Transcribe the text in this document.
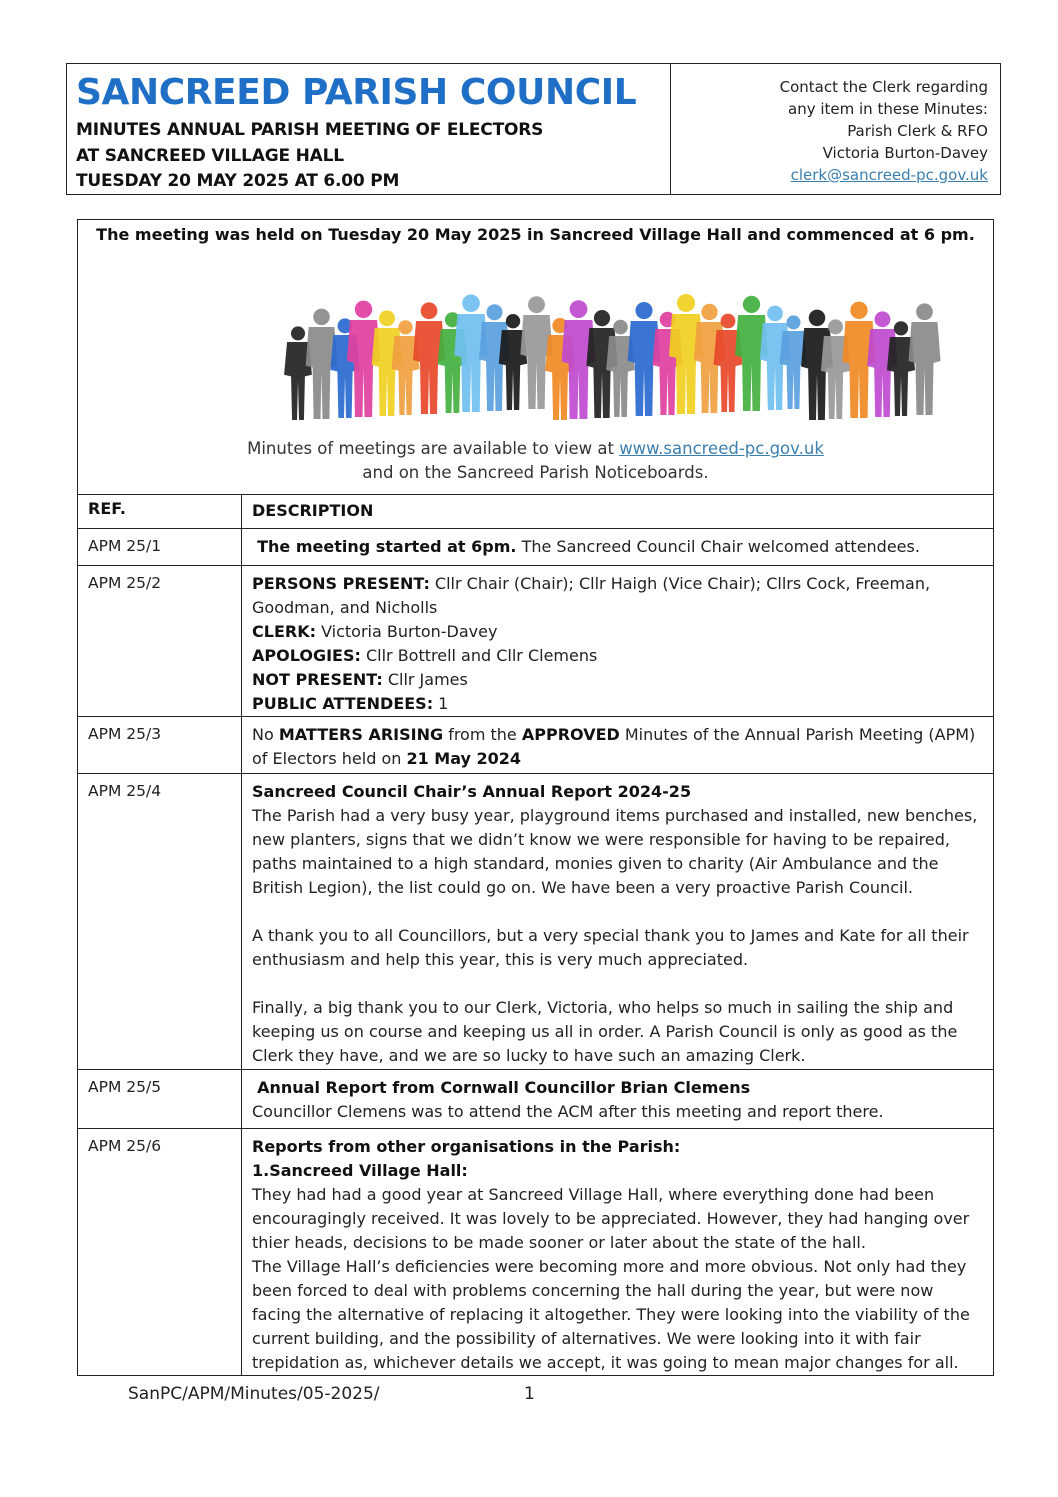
SANCREED PARISH COUNCIL
MINUTES ANNUAL PARISH MEETING OF ELECTORS
AT SANCREED VILLAGE HALL
TUESDAY 20 MAY 2025 AT 6.00 PM
Contact the Clerk regarding
any item in these Minutes:
Parish Clerk & RFO
Victoria Burton-Davey
clerk@sancreed-pc.gov.uk
The meeting was held on Tuesday 20 May 2025 in Sancreed Village Hall and commenced at 6 pm.
Minutes of meetings are available to view at www.sancreed-pc.gov.uk
and on the Sancreed Parish Noticeboards.	

REF.	DESCRIPTION
APM 25/1	The meeting started at 6pm. The Sancreed Council Chair welcomed attendees.
APM 25/2	PERSONS PRESENT: Cllr Chair (Chair); Cllr Haigh (Vice Chair); Cllrs Cock, Freeman, Goodman, and Nicholls
CLERK: Victoria Burton-Davey
APOLOGIES: Cllr Bottrell and Cllr Clemens
NOT PRESENT: Cllr James
PUBLIC ATTENDEES: 1

APM 25/3	No MATTERS ARISING from the APPROVED Minutes of the Annual Parish Meeting (APM) of Electors held on 21 May 2024
APM 25/4	Sancreed Council Chair’s Annual Report 2024-25
The Parish had a very busy year, playground items purchased and installed, new benches, new planters, signs that we didn’t know we were responsible for having to be repaired, paths maintained to a high standard, monies given to charity (Air Ambulance and the British Legion), the list could go on. We have been a very proactive Parish Council.
A thank you to all Councillors, but a very special thank you to James and Kate for all their enthusiasm and help this year, this is very much appreciated.
Finally, a big thank you to our Clerk, Victoria, who helps so much in sailing the ship and keeping us on course and keeping us all in order. A Parish Council is only as good as the Clerk they have, and we are so lucky to have such an amazing Clerk.

APM 25/5	Annual Report from Cornwall Councillor Brian Clemens
Councillor Clemens was to attend the ACM after this meeting and report there.

APM 25/6	Reports from other organisations in the Parish:
1.Sancreed Village Hall:
They had had a good year at Sancreed Village Hall, where everything done had been encouragingly received. It was lovely to be appreciated. However, they had hanging over thier heads, decisions to be made sooner or later about the state of the hall.
The Village Hall’s deficiencies were becoming more and more obvious. Not only had they been forced to deal with problems concerning the hall during the year, but were now facing the alternative of replacing it altogether. They were looking into the viability of the current building, and the possibility of alternatives. We were looking into it with fair trepidation as, whichever details we accept, it was going to mean major changes for all.
SanPC/APM/Minutes/05-2025/	1
